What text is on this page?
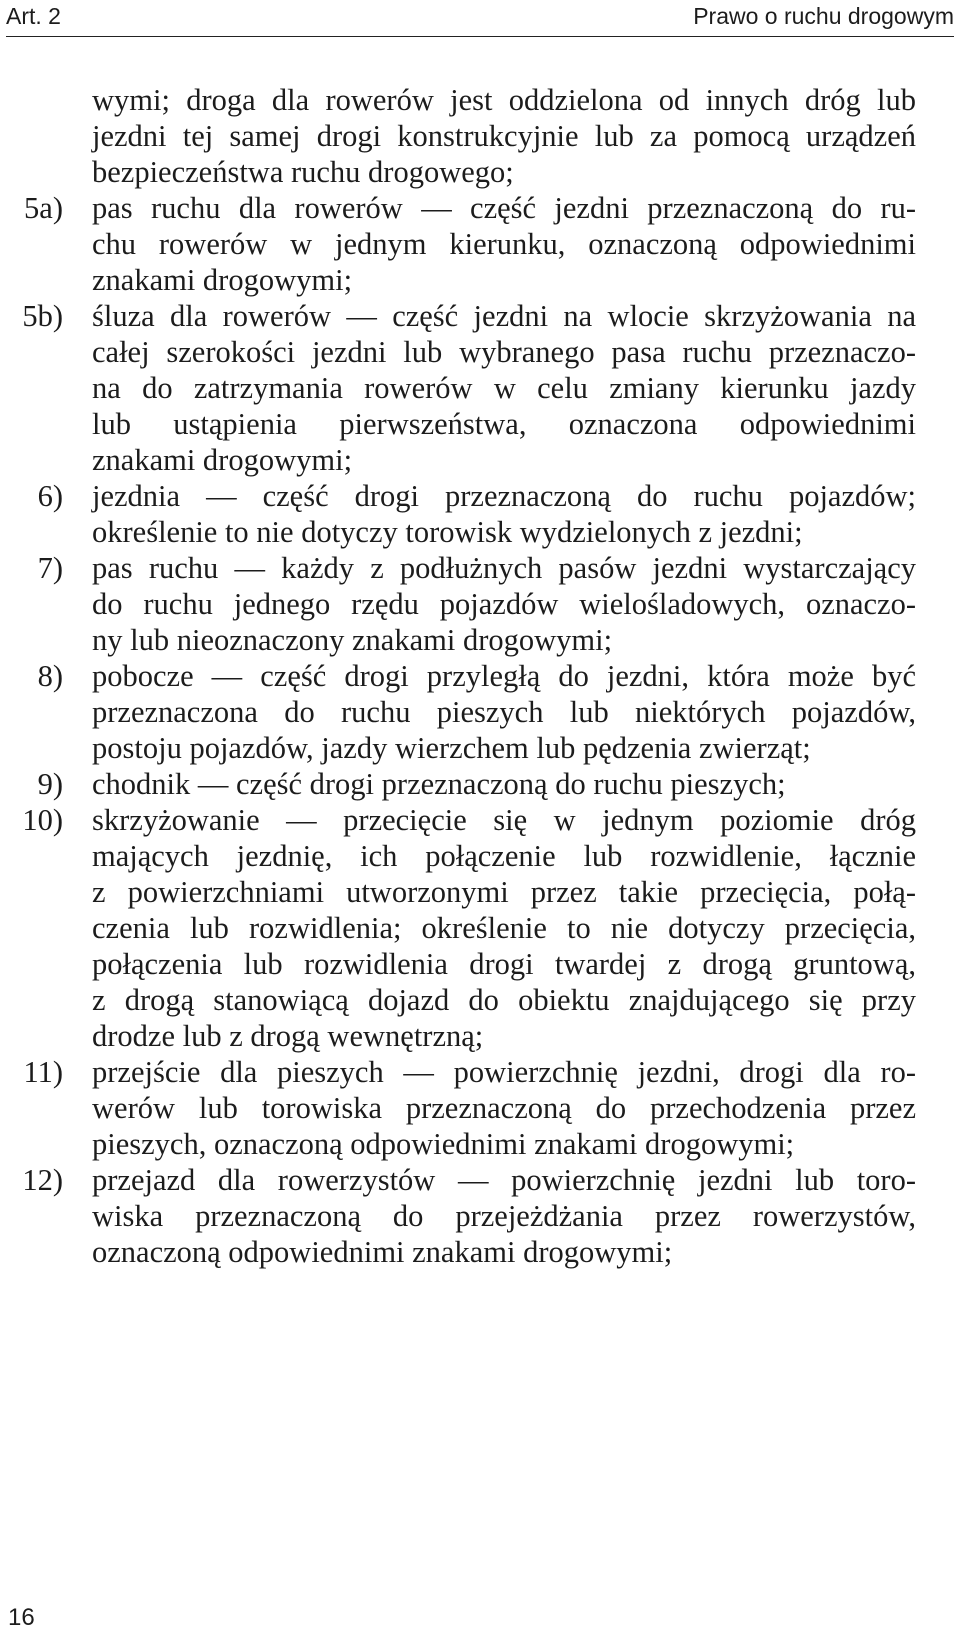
Art. 2	Prawo o ruchu drogowym
wymi; droga dla rowerów jest oddzielona od innych dróg lub
jezdni tej samej drogi konstrukcyjnie lub za pomocą urządzeń
bezpieczeństwa ruchu drogowego;
5a) pas ruchu dla rowerów — część jezdni przeznaczoną do ru-
chu rowerów w jednym kierunku, oznaczoną odpowiednimi
znakami drogowymi;
5b) śluza dla rowerów — część jezdni na wlocie skrzyżowania na
całej szerokości jezdni lub wybranego pasa ruchu przeznaczo-
na do zatrzymania rowerów w celu zmiany kierunku jazdy
lub ustąpienia pierwszeństwa, oznaczona odpowiednimi
znakami drogowymi;
6) jezdnia — część drogi przeznaczoną do ruchu pojazdów;
określenie to nie dotyczy torowisk wydzielonych z jezdni;
7) pas ruchu — każdy z podłużnych pasów jezdni wystarczający
do ruchu jednego rzędu pojazdów wielośladowych, oznaczo-
ny lub nieoznaczony znakami drogowymi;
8) pobocze — część drogi przyległą do jezdni, która może być
przeznaczona do ruchu pieszych lub niektórych pojazdów,
postoju pojazdów, jazdy wierzchem lub pędzenia zwierząt;
9) chodnik — część drogi przeznaczoną do ruchu pieszych;
10) skrzyżowanie — przecięcie się w jednym poziomie dróg
mających jezdnię, ich połączenie lub rozwidlenie, łącznie
z powierzchniami utworzonymi przez takie przecięcia, połą-
czenia lub rozwidlenia; określenie to nie dotyczy przecięcia,
połączenia lub rozwidlenia drogi twardej z drogą gruntową,
z drogą stanowiącą dojazd do obiektu znajdującego się przy
drodze lub z drogą wewnętrzną;
11) przejście dla pieszych — powierzchnię jezdni, drogi dla ro-
werów lub torowiska przeznaczoną do przechodzenia przez
pieszych, oznaczoną odpowiednimi znakami drogowymi;
12) przejazd dla rowerzystów — powierzchnię jezdni lub toro-
wiska przeznaczoną do przejeżdżania przez rowerzystów,
oznaczoną odpowiednimi znakami drogowymi;
16
